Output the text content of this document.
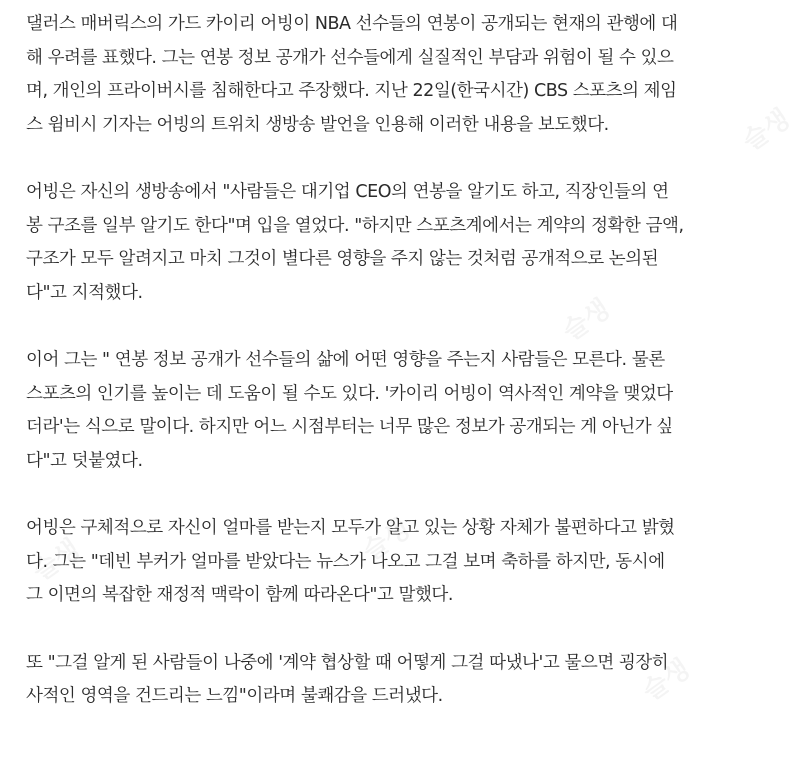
댈러스 매버릭스의 가드 카이리 어빙이 NBA 선수들의 연봉이 공개되는 현재의 관행에 대
해 우려를 표했다. 그는 연봉 정보 공개가 선수들에게 실질적인 부담과 위험이 될 수 있으
며, 개인의 프라이버시를 침해한다고 주장했다. 지난 22일(한국시간) CBS 스포츠의 제임
스 윔비시 기자는 어빙의 트위치 생방송 발언을 인용해 이러한 내용을 보도했다.

어빙은 자신의 생방송에서 "사람들은 대기업 CEO의 연봉을 알기도 하고, 직장인들의 연
봉 구조를 일부 알기도 한다"며 입을 열었다. "하지만 스포츠계에서는 계약의 정확한 금액,
구조가 모두 알려지고 마치 그것이 별다른 영향을 주지 않는 것처럼 공개적으로 논의된
다"고 지적했다.

이어 그는 " 연봉 정보 공개가 선수들의 삶에 어떤 영향을 주는지 사람들은 모른다. 물론
스포츠의 인기를 높이는 데 도움이 될 수도 있다. '카이리 어빙이 역사적인 계약을 맺었다
더라'는 식으로 말이다. 하지만 어느 시점부터는 너무 많은 정보가 공개되는 게 아닌가 싶
다"고 덧붙였다.

어빙은 구체적으로 자신이 얼마를 받는지 모두가 알고 있는 상황 자체가 불편하다고 밝혔
다. 그는 "데빈 부커가 얼마를 받았다는 뉴스가 나오고 그걸 보며 축하를 하지만, 동시에
그 이면의 복잡한 재정적 맥락이 함께 따라온다"고 말했다.

또 "그걸 알게 된 사람들이 나중에 '계약 협상할 때 어떻게 그걸 따냈나'고 물으면 굉장히
사적인 영역을 건드리는 느낌"이라며 불쾌감을 드러냈다.
